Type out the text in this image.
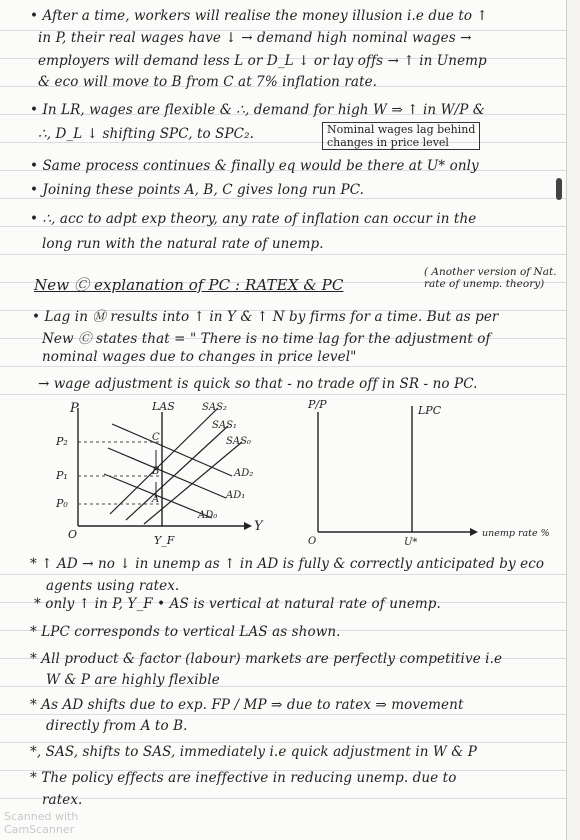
• After a time, workers will realise the money illusion i.e due to ↑
in P, their real wages have ↓ → demand high nominal wages →
employers will demand less L or D_L ↓ or lay offs → ↑ in Unemp
& eco will move to B from C at 7% inflation rate.
• In LR, wages are flexible & ∴, demand for high W ⇒ ↑ in W/P &
∴, D_L ↓ shifting SPC, to SPC₂.	Nominal wages lag behind
changes in price level
• Same process continues & finally eq would be there at U* only
• Joining these points A, B, C gives long run PC.
• ∴, acc to adpt exp theory, any rate of inflation can occur in the
long run with the natural rate of unemp.
New Ⓒ explanation of PC : RATEX & PC
( Another version of Nat.
rate of unemp. theory)
• Lag in Ⓜ results into ↑ in Y & ↑ N by firms for a time. But as per
New Ⓒ states that = " There is no time lag for the adjustment of
nominal wages due to changes in price level"
→ wage adjustment is quick so that - no trade off in SR - no PC.
P
Y
LAS	SAS₂
SAS₁
SAS₀
AD₂
AD₁
AD₀
P₂
P₁
P₀
C
B
A
Y_F
O
P/P	LPC
unemp rate %
U*
O
* ↑ AD → no ↓ in unemp as ↑ in AD is fully & correctly anticipated by eco
agents using ratex.
* only ↑ in P, Y_F • AS is vertical at natural rate of unemp.
* LPC corresponds to vertical LAS as shown.
* All product & factor (labour) markets are perfectly competitive i.e
W & P are highly flexible
* As AD shifts due to exp. FP / MP ⇒ due to ratex ⇒ movement
directly from A to B.
*, SAS, shifts to SAS, immediately i.e quick adjustment in W & P
* The policy effects are ineffective in reducing unemp. due to
ratex.
Scanned with
CamScanner
